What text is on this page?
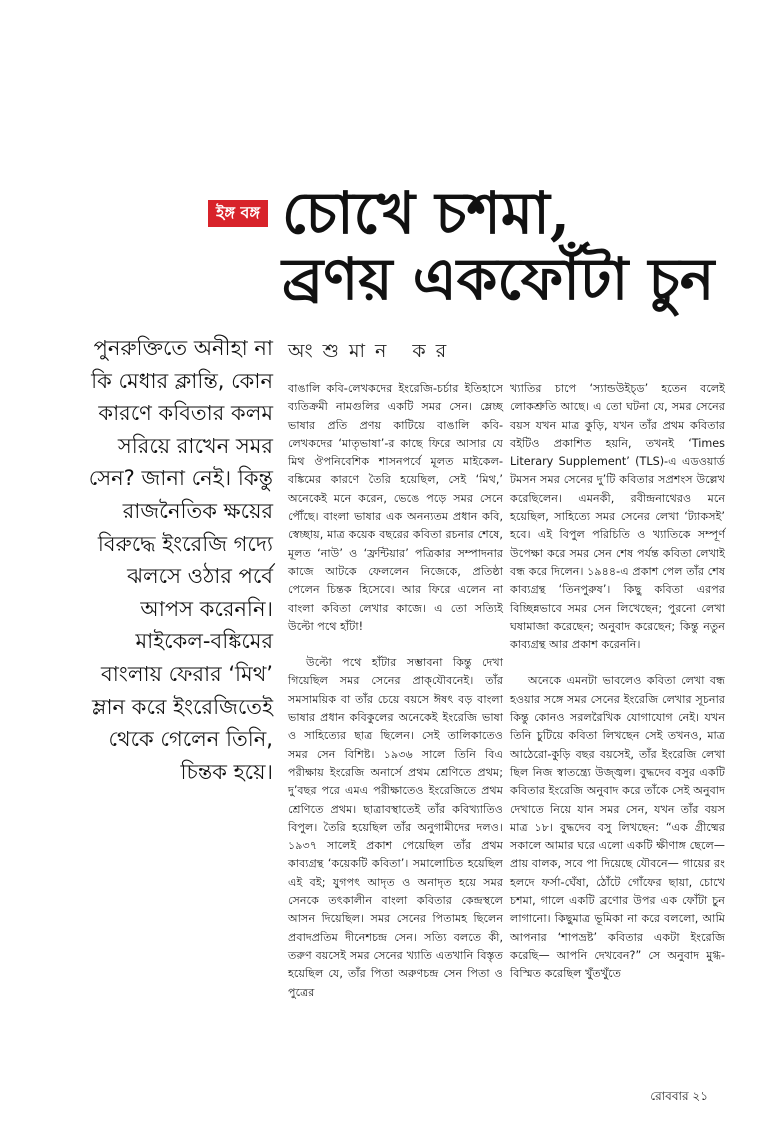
ইঙ্গ বঙ্গ চোখে চশমা,
ব্রণয় একফোঁটা চুন

পুনরুক্তিতে অনীহা না কি মেধার ক্লান্তি, কোন কারণে কবিতার কলম সরিয়ে রাখেন সমর সেন? জানা নেই। কিন্তু রাজনৈতিক ক্ষয়ের বিরুদ্ধে ইংরেজি গদ্যে ঝলসে ওঠার পর্বে আপস করেননি। মাইকেল-বঙ্কিমের বাংলায় ফেরার ‘মিথ’ ম্লান করে ইংরেজিতেই থেকে গেলেন তিনি, চিন্তক হয়ে।

অংশুমান কর

বাঙালি কবি-লেখকদের ইংরেজি-চর্চার ইতিহাসে ব্যতিক্রমী নামগুলির একটি সমর সেন। ম্লেচ্ছ ভাষার প্রতি প্রণয় কাটিয়ে বাঙালি কবি-লেখকদের ‘মাতৃভাষা’-র কাছে ফিরে আসার যে মিথ ঔপনিবেশিক শাসনপর্বে মূলত মাইকেল-বঙ্কিমের কারণে তৈরি হয়েছিল, সেই ‘মিথ,’ অনেকেই মনে করেন, ভেঙে পড়ে সমর সেনে পৌঁছে। বাংলা ভাষার এক অনন্যতম প্রধান কবি, স্বেচ্ছায়, মাত্র কয়েক বছরের কবিতা রচনার শেষে, মূলত ‘নাউ’ ও ‘ফ্রন্টিয়ার’ পত্রিকার সম্পাদনার কাজে আটকে ফেললেন নিজেকে, প্রতিষ্ঠা পেলেন চিন্তক হিসেবে। আর ফিরে এলেন না বাংলা কবিতা লেখার কাজে। এ তো সত্যিই উল্টো পথে হাঁটা!

উল্টো পথে হাঁটার সম্ভাবনা কিন্তু দেখা গিয়েছিল সমর সেনের প্রাক্‌যৌবনেই। তাঁর সমসাময়িক বা তাঁর চেয়ে বয়সে ঈষৎ বড় বাংলা ভাষার প্রধান কবিকুলের অনেকেই ইংরেজি ভাষা ও সাহিত্যের ছাত্র ছিলেন। সেই তালিকাতেও সমর সেন বিশিষ্ট। ১৯৩৬ সালে তিনি বিএ পরীক্ষায় ইংরেজি অনার্সে প্রথম শ্রেণিতে প্রথম; দু’বছর পরে এমএ পরীক্ষাতেও ইংরেজিতে প্রথম শ্রেণিতে প্রথম। ছাত্রাবস্থাতেই তাঁর কবিখ্যাতিও বিপুল। তৈরি হয়েছিল তাঁর অনুগামীদের দলও। ১৯৩৭ সালেই প্রকাশ পেয়েছিল তাঁর প্রথম কাব্যগ্রন্থ ‘কয়েকটি কবিতা’। সমালোচিত হয়েছিল এই বই; যুগপৎ আদৃত ও অনাদৃত হয়ে সমর সেনকে তৎকালীন বাংলা কবিতার কেন্দ্রস্থলে আসন দিয়েছিল। সমর সেনের পিতামহ ছিলেন প্রবাদপ্রতিম দীনেশচন্দ্র সেন। সত্যি বলতে কী, তরুণ বয়সেই সমর সেনের খ্যাতি এতখানি বিস্তৃত হয়েছিল যে, তাঁর পিতা অরুণচন্দ্র সেন পিতা ও পুত্রের

খ্যাতির চাপে ‘স্যান্ডউইচ্‌ড’ হতেন বলেই লোকশ্রুতি আছে। এ তো ঘটনা যে, সমর সেনের বয়স যখন মাত্র কুড়ি, যখন তাঁর প্রথম কবিতার বইটিও প্রকাশিত হয়নি, তখনই ‘Times Literary Supplement’ (TLS)-এ এডওয়ার্ড টমসন সমর সেনের দু’টি কবিতার সপ্রশংস উল্লেখ করেছিলেন। এমনকী, রবীন্দ্রনাথেরও মনে হয়েছিল, সাহিত্যে সমর সেনের লেখা ‘ট্যাকসই’ হবে। এই বিপুল পরিচিতি ও খ্যাতিকে সম্পূর্ণ উপেক্ষা করে সমর সেন শেষ পর্যন্ত কবিতা লেখাই বন্ধ করে দিলেন। ১৯৪৪-এ প্রকাশ পেল তাঁর শেষ কাব্যগ্রন্থ ‘তিনপুরুষ’। কিছু কবিতা এরপর বিচ্ছিন্নভাবে সমর সেন লিখেছেন; পুরনো লেখা ঘষামাজা করেছেন; অনুবাদ করেছেন; কিন্তু নতুন কাব্যগ্রন্থ আর প্রকাশ করেননি।

অনেকে এমনটা ভাবলেও কবিতা লেখা বন্ধ হওয়ার সঙ্গে সমর সেনের ইংরেজি লেখার সূচনার কিন্তু কোনও সরলরৈখিক যোগাযোগ নেই। যখন তিনি চুটিয়ে কবিতা লিখছেন সেই তখনও, মাত্র আঠেরো-কুড়ি বছর বয়সেই, তাঁর ইংরেজি লেখা ছিল নিজ স্বাতন্ত্র্যে উজ্জ্বল। বুদ্ধদেব বসুর একটি কবিতার ইংরেজি অনুবাদ করে তাঁকে সেই অনুবাদ দেখাতে নিয়ে যান সমর সেন, যখন তাঁর বয়স মাত্র ১৮। বুদ্ধদেব বসু লিখছেন: “এক গ্রীষ্মের সকালে আমার ঘরে এলো একটি ক্ষীণাঙ্গ ছেলে— প্রায় বালক, সবে পা দিয়েছে যৌবনে— গায়ের রং হলদে ফর্সা-ঘেঁষা, ঠোঁটে গোঁফের ছায়া, চোখে চশমা, গালে একটি ব্রণোর উপর এক ফোঁটা চুন লাগানো। কিছুমাত্র ভূমিকা না করে বললো, আমি আপনার ‘শাপভ্রষ্ট’ কবিতার একটা ইংরেজি করেছি— আপনি দেখবেন?” সে অনুবাদ মুগ্ধ-বিস্মিত করেছিল খুঁতখুঁতে

রোববার ২১
